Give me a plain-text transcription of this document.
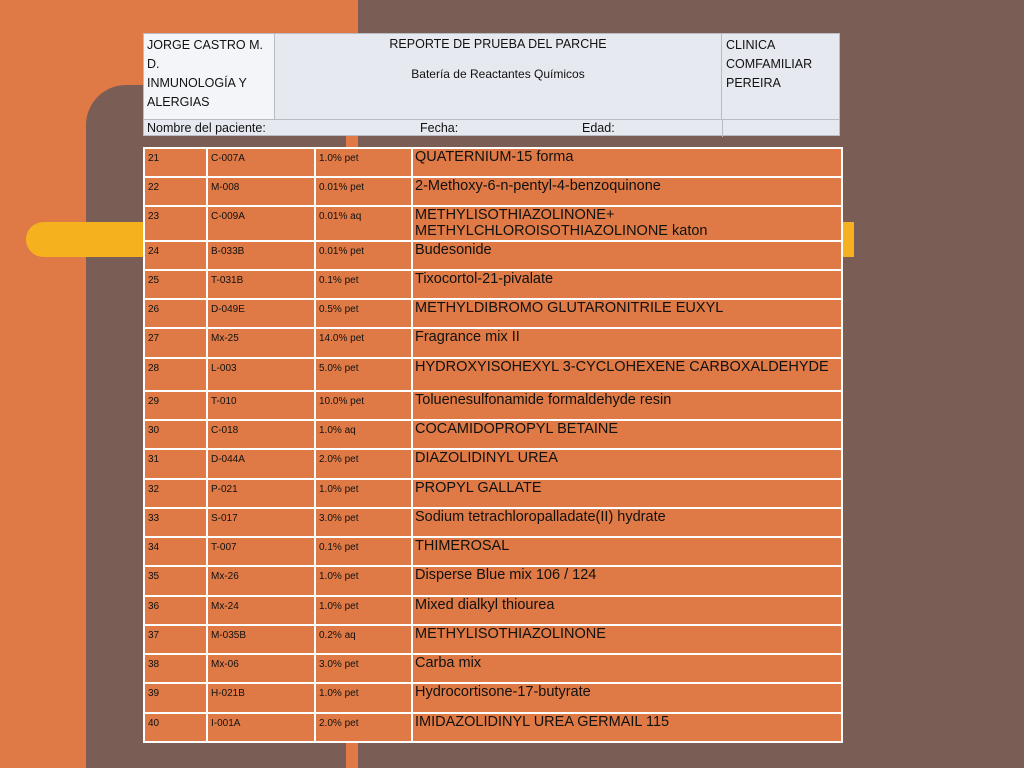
JORGE CASTRO M.
D.
INMUNOLOGÍA Y
ALERGIAS
REPORTE DE PRUEBA DEL PARCHE
Batería de Reactantes Químicos
CLINICA
COMFAMILIAR
PEREIRA
Nombre del paciente:	Fecha:	Edad:
21	C-007A	1.0% pet	QUATERNIUM-15 forma
22	M-008	0.01% pet	2-Methoxy-6-n-pentyl-4-benzoquinone
23	C-009A	0.01% aq	METHYLISOTHIAZOLINONE+ METHYLCHLOROISOTHIAZOLINONE katon
24	B-033B	0.01% pet	Budesonide
25	T-031B	0.1% pet	Tixocortol-21-pivalate
26	D-049E	0.5% pet	METHYLDIBROMO GLUTARONITRILE EUXYL
27	Mx-25	14.0% pet	Fragrance mix II
28	L-003	5.0% pet	HYDROXYISOHEXYL 3-CYCLOHEXENE CARBOXALDEHYDE
29	T-010	10.0% pet	Toluenesulfonamide formaldehyde resin
30	C-018	1.0% aq	COCAMIDOPROPYL BETAINE
31	D-044A	2.0% pet	DIAZOLIDINYL UREA
32	P-021	1.0% pet	PROPYL GALLATE
33	S-017	3.0% pet	Sodium tetrachloropalladate(II) hydrate
34	T-007	0.1% pet	THIMEROSAL
35	Mx-26	1.0% pet	Disperse Blue mix 106 / 124
36	Mx-24	1.0% pet	Mixed dialkyl thiourea
37	M-035B	0.2% aq	METHYLISOTHIAZOLINONE
38	Mx-06	3.0% pet	Carba mix
39	H-021B	1.0% pet	Hydrocortisone-17-butyrate
40	I-001A	2.0% pet	IMIDAZOLIDINYL UREA GERMAIL 115
